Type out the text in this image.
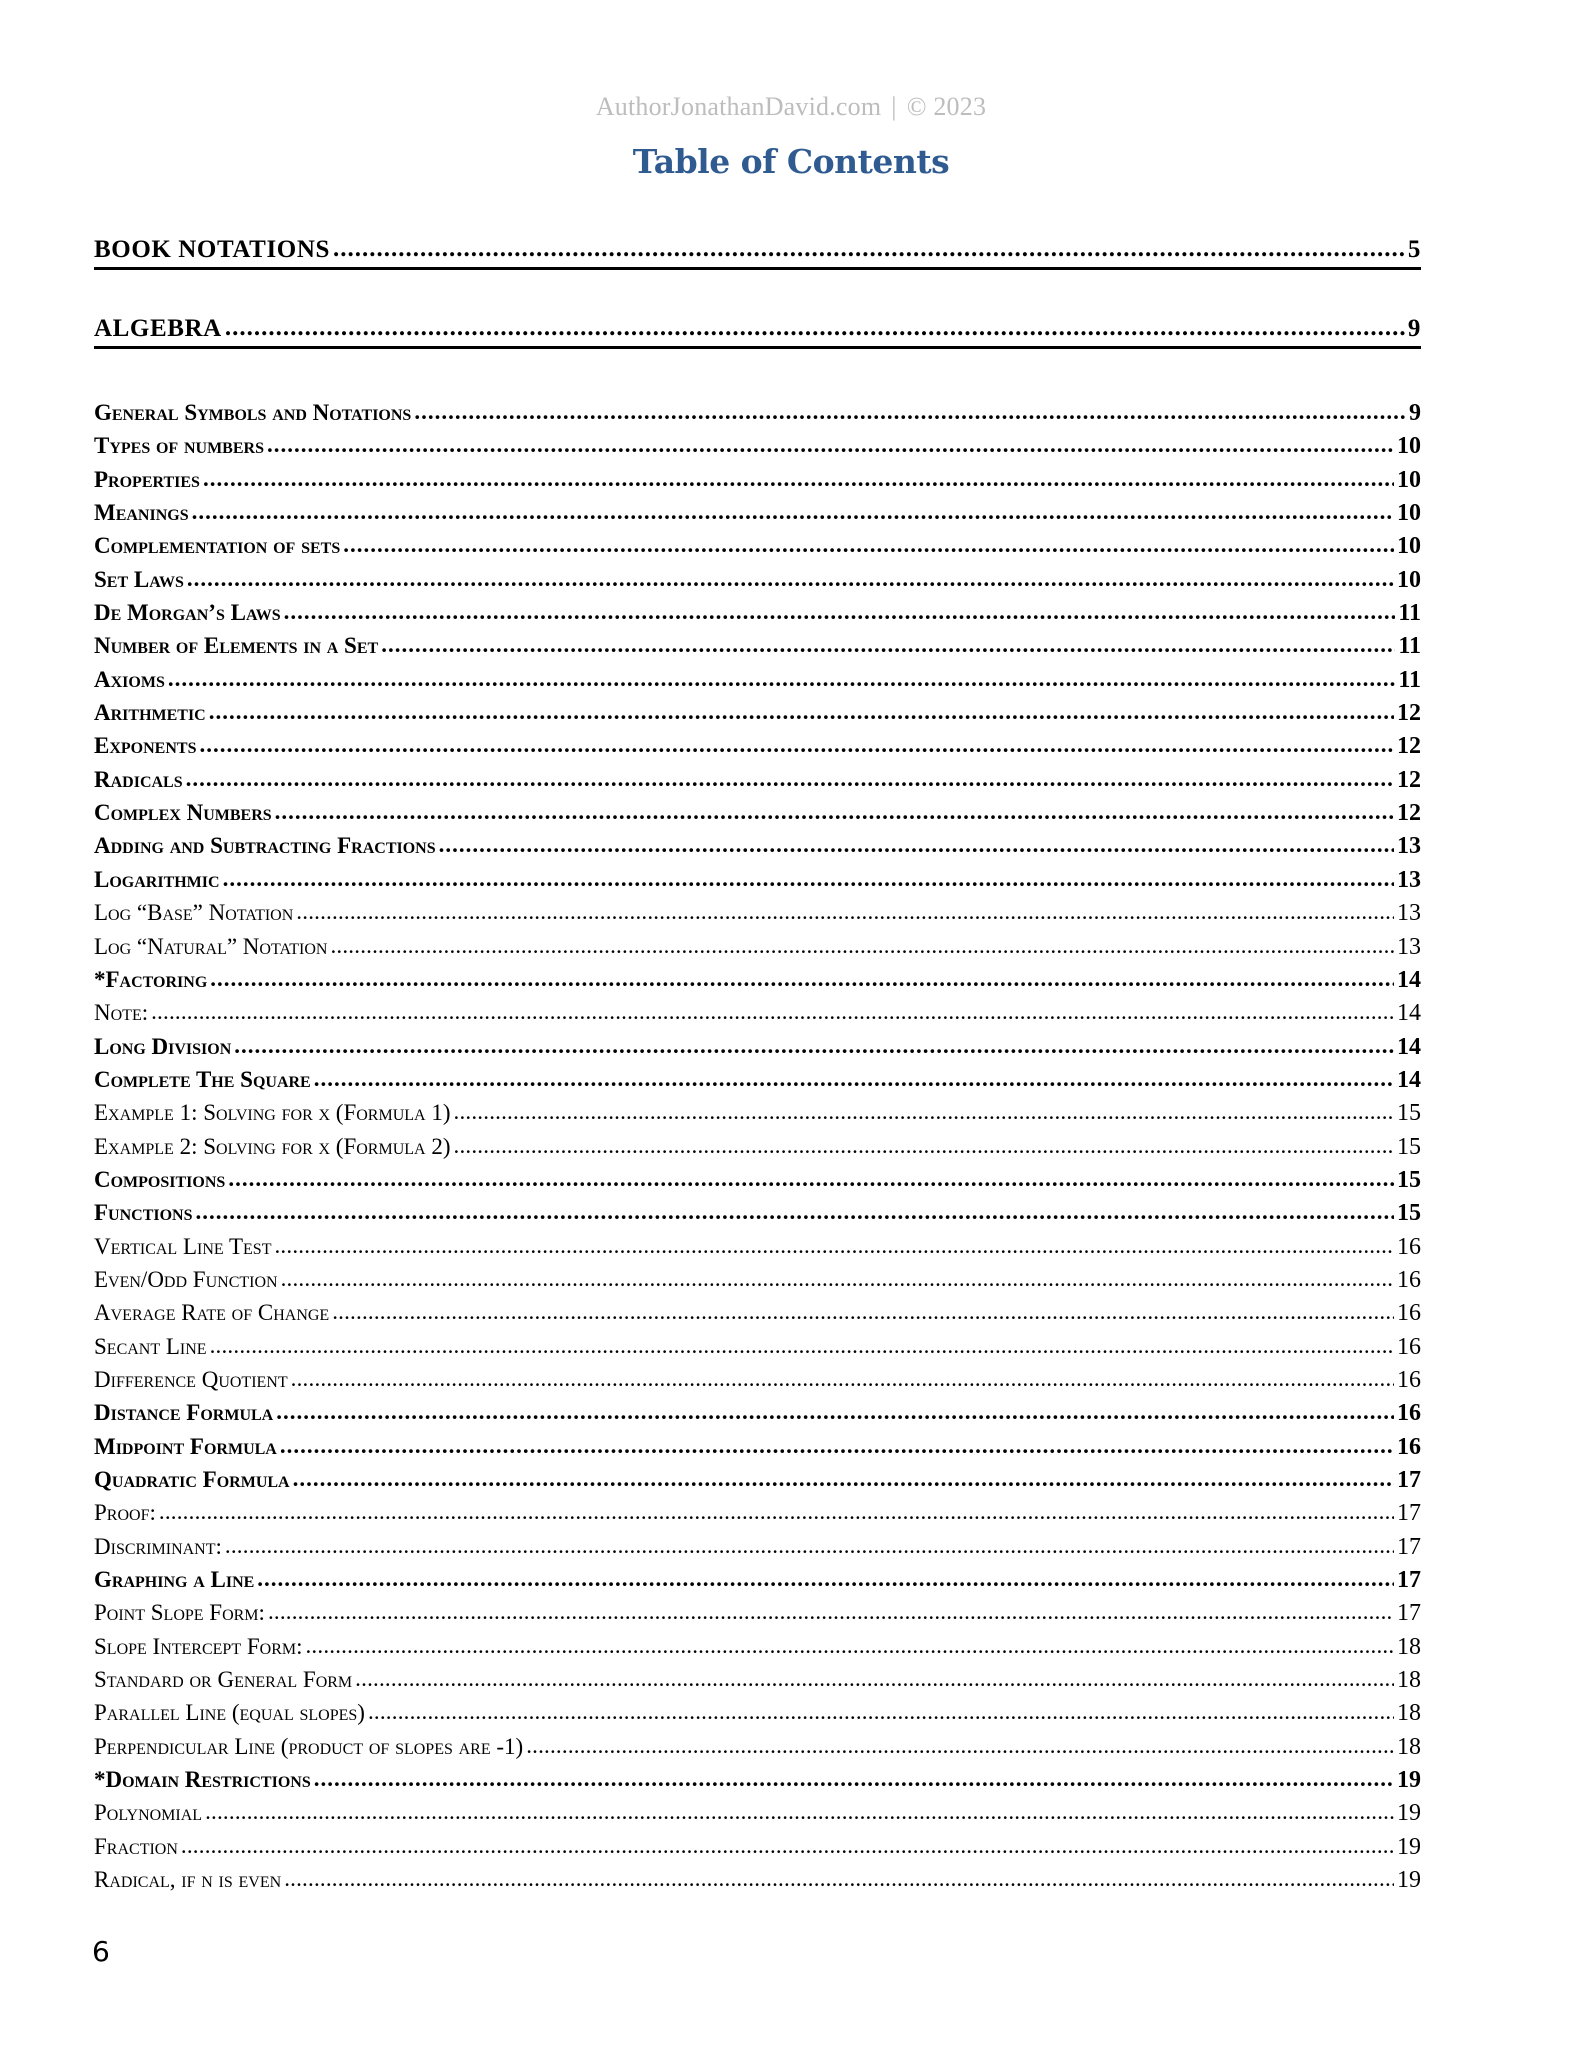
AuthorJonathanDavid.com | © 2023
Table of Contents
BOOK NOTATIONS .....	5
ALGEBRA .....	9
General Symbols and Notations .....	9
Types of numbers .....	10
Properties .....	10
Meanings .....	10
Complementation of sets .....	10
Set Laws .....	10
De Morgan’s Laws .....	11
Number of Elements in a Set .....	11
Axioms .....	11
Arithmetic .....	12
Exponents .....	12
Radicals .....	12
Complex Numbers .....	12
Adding and Subtracting Fractions .....	13
Logarithmic .....	13
Log “Base” Notation .....	13
Log “Natural” Notation .....	13
*Factoring .....	14
Note: .....	14
Long Division .....	14
Complete The Square .....	14
Example 1: Solving for x (Formula 1) .....	15
Example 2: Solving for x (Formula 2) .....	15
Compositions .....	15
Functions .....	15
Vertical Line Test .....	16
Even/Odd Function .....	16
Average Rate of Change .....	16
Secant Line .....	16
Difference Quotient .....	16
Distance Formula .....	16
Midpoint Formula .....	16
Quadratic Formula .....	17
Proof: .....	17
Discriminant: .....	17
Graphing a Line .....	17
Point Slope Form: .....	17
Slope Intercept Form: .....	18
Standard or General Form .....	18
Parallel Line (equal slopes) .....	18
Perpendicular Line (product of slopes are -1) .....	18
*Domain Restrictions .....	19
Polynomial .....	19
Fraction .....	19
Radical, if n is even .....	19
6
